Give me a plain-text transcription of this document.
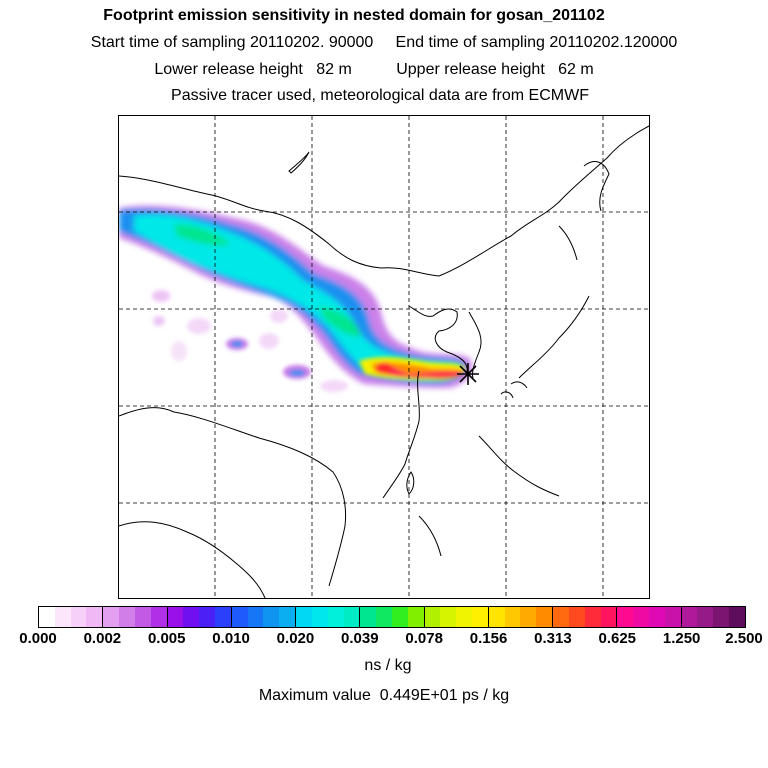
Footprint emission sensitivity in nested domain for gosan_201102
Start time of sampling 20110202. 90000     End time of sampling 20110202.120000
Lower release height   82 m          Upper release height   62 m
Passive tracer used, meteorological data are from ECMWF
0.000 0.002 0.005 0.010 0.020 0.039 0.078 0.156 0.313 0.625 1.250 2.500
ns / kg
Maximum value  0.449E+01 ps / kg
